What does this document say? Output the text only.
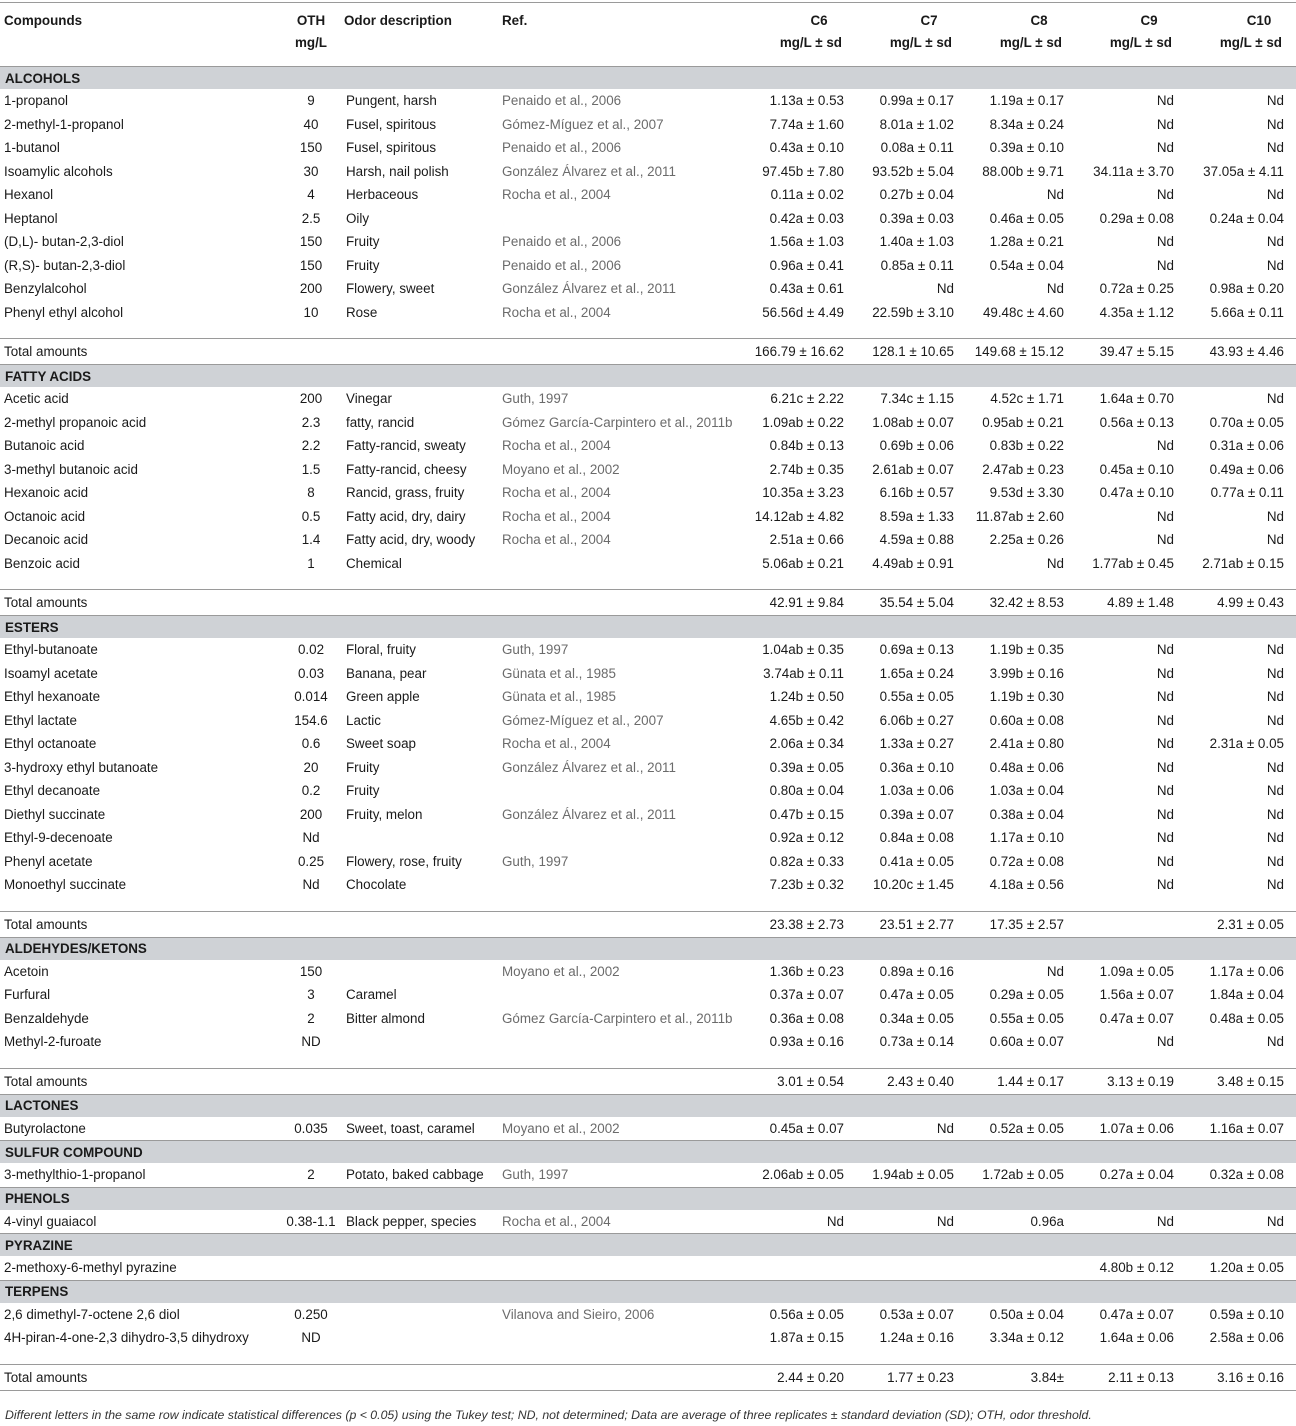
Compounds	OTH	Odor description	Ref.	C6	C7	C8	C9	C10
	mg/L			mg/L ± sd	mg/L ± sd	mg/L ± sd	mg/L ± sd	mg/L ± sd

ALCOHOLS								
1-propanol	9	Pungent, harsh	Penaido et al., 2006	1.13a ± 0.53	0.99a ± 0.17	1.19a ± 0.17	Nd	Nd
2-methyl-1-propanol	40	Fusel, spiritous	Gómez-Míguez et al., 2007	7.74a ± 1.60	8.01a ± 1.02	8.34a ± 0.24	Nd	Nd
1-butanol	150	Fusel, spiritous	Penaido et al., 2006	0.43a ± 0.10	0.08a ± 0.11	0.39a ± 0.10	Nd	Nd
Isoamylic alcohols	30	Harsh, nail polish	González Álvarez et al., 2011	97.45b ± 7.80	93.52b ± 5.04	88.00b ± 9.71	34.11a ± 3.70	37.05a ± 4.11
Hexanol	4	Herbaceous	Rocha et al., 2004	0.11a ± 0.02	0.27b ± 0.04	Nd	Nd	Nd
Heptanol	2.5	Oily		0.42a ± 0.03	0.39a ± 0.03	0.46a ± 0.05	0.29a ± 0.08	0.24a ± 0.04
(D,L)- butan-2,3-diol	150	Fruity	Penaido et al., 2006	1.56a ± 1.03	1.40a ± 1.03	1.28a ± 0.21	Nd	Nd
(R,S)- butan-2,3-diol	150	Fruity	Penaido et al., 2006	0.96a ± 0.41	0.85a ± 0.11	0.54a ± 0.04	Nd	Nd
Benzylalcohol	200	Flowery, sweet	González Álvarez et al., 2011	0.43a ± 0.61	Nd	Nd	0.72a ± 0.25	0.98a ± 0.20
Phenyl ethyl alcohol	10	Rose	Rocha et al., 2004	56.56d ± 4.49	22.59b ± 3.10	49.48c ± 4.60	4.35a ± 1.12	5.66a ± 0.11

Total amounts				166.79 ± 16.62	128.1 ± 10.65	149.68 ± 15.12	39.47 ± 5.15	43.93 ± 4.46
FATTY ACIDS								
Acetic acid	200	Vinegar	Guth, 1997	6.21c ± 2.22	7.34c ± 1.15	4.52c ± 1.71	1.64a ± 0.70	Nd
2-methyl propanoic acid	2.3	fatty, rancid	Gómez García-Carpintero et al., 2011b	1.09ab ± 0.22	1.08ab ± 0.07	0.95ab ± 0.21	0.56a ± 0.13	0.70a ± 0.05
Butanoic acid	2.2	Fatty-rancid, sweaty	Rocha et al., 2004	0.84b ± 0.13	0.69b ± 0.06	0.83b ± 0.22	Nd	0.31a ± 0.06
3-methyl butanoic acid	1.5	Fatty-rancid, cheesy	Moyano et al., 2002	2.74b ± 0.35	2.61ab ± 0.07	2.47ab ± 0.23	0.45a ± 0.10	0.49a ± 0.06
Hexanoic acid	8	Rancid, grass, fruity	Rocha et al., 2004	10.35a ± 3.23	6.16b ± 0.57	9.53d ± 3.30	0.47a ± 0.10	0.77a ± 0.11
Octanoic acid	0.5	Fatty acid, dry, dairy	Rocha et al., 2004	14.12ab ± 4.82	8.59a ± 1.33	11.87ab ± 2.60	Nd	Nd
Decanoic acid	1.4	Fatty acid, dry, woody	Rocha et al., 2004	2.51a ± 0.66	4.59a ± 0.88	2.25a ± 0.26	Nd	Nd
Benzoic acid	1	Chemical		5.06ab ± 0.21	4.49ab ± 0.91	Nd	1.77ab ± 0.45	2.71ab ± 0.15

Total amounts				42.91 ± 9.84	35.54 ± 5.04	32.42 ± 8.53	4.89 ± 1.48	4.99 ± 0.43
ESTERS								
Ethyl-butanoate	0.02	Floral, fruity	Guth, 1997	1.04ab ± 0.35	0.69a ± 0.13	1.19b ± 0.35	Nd	Nd
Isoamyl acetate	0.03	Banana, pear	Günata et al., 1985	3.74ab ± 0.11	1.65a ± 0.24	3.99b ± 0.16	Nd	Nd
Ethyl hexanoate	0.014	Green apple	Günata et al., 1985	1.24b ± 0.50	0.55a ± 0.05	1.19b ± 0.30	Nd	Nd
Ethyl lactate	154.6	Lactic	Gómez-Míguez et al., 2007	4.65b ± 0.42	6.06b ± 0.27	0.60a ± 0.08	Nd	Nd
Ethyl octanoate	0.6	Sweet soap	Rocha et al., 2004	2.06a ± 0.34	1.33a ± 0.27	2.41a ± 0.80	Nd	2.31a ± 0.05
3-hydroxy ethyl butanoate	20	Fruity	González Álvarez et al., 2011	0.39a ± 0.05	0.36a ± 0.10	0.48a ± 0.06	Nd	Nd
Ethyl decanoate	0.2	Fruity		0.80a ± 0.04	1.03a ± 0.06	1.03a ± 0.04	Nd	Nd
Diethyl succinate	200	Fruity, melon	González Álvarez et al., 2011	0.47b ± 0.15	0.39a ± 0.07	0.38a ± 0.04	Nd	Nd
Ethyl-9-decenoate	Nd			0.92a ± 0.12	0.84a ± 0.08	1.17a ± 0.10	Nd	Nd
Phenyl acetate	0.25	Flowery, rose, fruity	Guth, 1997	0.82a ± 0.33	0.41a ± 0.05	0.72a ± 0.08	Nd	Nd
Monoethyl succinate	Nd	Chocolate		7.23b ± 0.32	10.20c ± 1.45	4.18a ± 0.56	Nd	Nd

Total amounts				23.38 ± 2.73	23.51 ± 2.77	17.35 ± 2.57		2.31 ± 0.05
ALDEHYDES/KETONS								
Acetoin	150		Moyano et al., 2002	1.36b ± 0.23	0.89a ± 0.16	Nd	1.09a ± 0.05	1.17a ± 0.06
Furfural	3	Caramel		0.37a ± 0.07	0.47a ± 0.05	0.29a ± 0.05	1.56a ± 0.07	1.84a ± 0.04
Benzaldehyde	2	Bitter almond	Gómez García-Carpintero et al., 2011b	0.36a ± 0.08	0.34a ± 0.05	0.55a ± 0.05	0.47a ± 0.07	0.48a ± 0.05
Methyl-2-furoate	ND			0.93a ± 0.16	0.73a ± 0.14	0.60a ± 0.07	Nd	Nd

Total amounts				3.01 ± 0.54	2.43 ± 0.40	1.44 ± 0.17	3.13 ± 0.19	3.48 ± 0.15
LACTONES								
Butyrolactone	0.035	Sweet, toast, caramel	Moyano et al., 2002	0.45a ± 0.07	Nd	0.52a ± 0.05	1.07a ± 0.06	1.16a ± 0.07
SULFUR COMPOUND								
3-methylthio-1-propanol	2	Potato, baked cabbage	Guth, 1997	2.06ab ± 0.05	1.94ab ± 0.05	1.72ab ± 0.05	0.27a ± 0.04	0.32a ± 0.08
PHENOLS								
4-vinyl guaiacol	0.38-1.1	Black pepper, species	Rocha et al., 2004	Nd	Nd	0.96a	Nd	Nd
PYRAZINE								
2-methoxy-6-methyl pyrazine							4.80b ± 0.12	1.20a ± 0.05
TERPENS								
2,6 dimethyl-7-octene 2,6 diol	0.250		Vilanova and Sieiro, 2006	0.56a ± 0.05	0.53a ± 0.07	0.50a ± 0.04	0.47a ± 0.07	0.59a ± 0.10
4H-piran-4-one-2,3 dihydro-3,5 dihydroxy	ND			1.87a ± 0.15	1.24a ± 0.16	3.34a ± 0.12	1.64a ± 0.06	2.58a ± 0.06

Total amounts				2.44 ± 0.20	1.77 ± 0.23	3.84±	2.11 ± 0.13	3.16 ± 0.16
Different letters in the same row indicate statistical differences (p < 0.05) using the Tukey test; ND, not determined; Data are average of three replicates ± standard deviation (SD); OTH, odor threshold.
